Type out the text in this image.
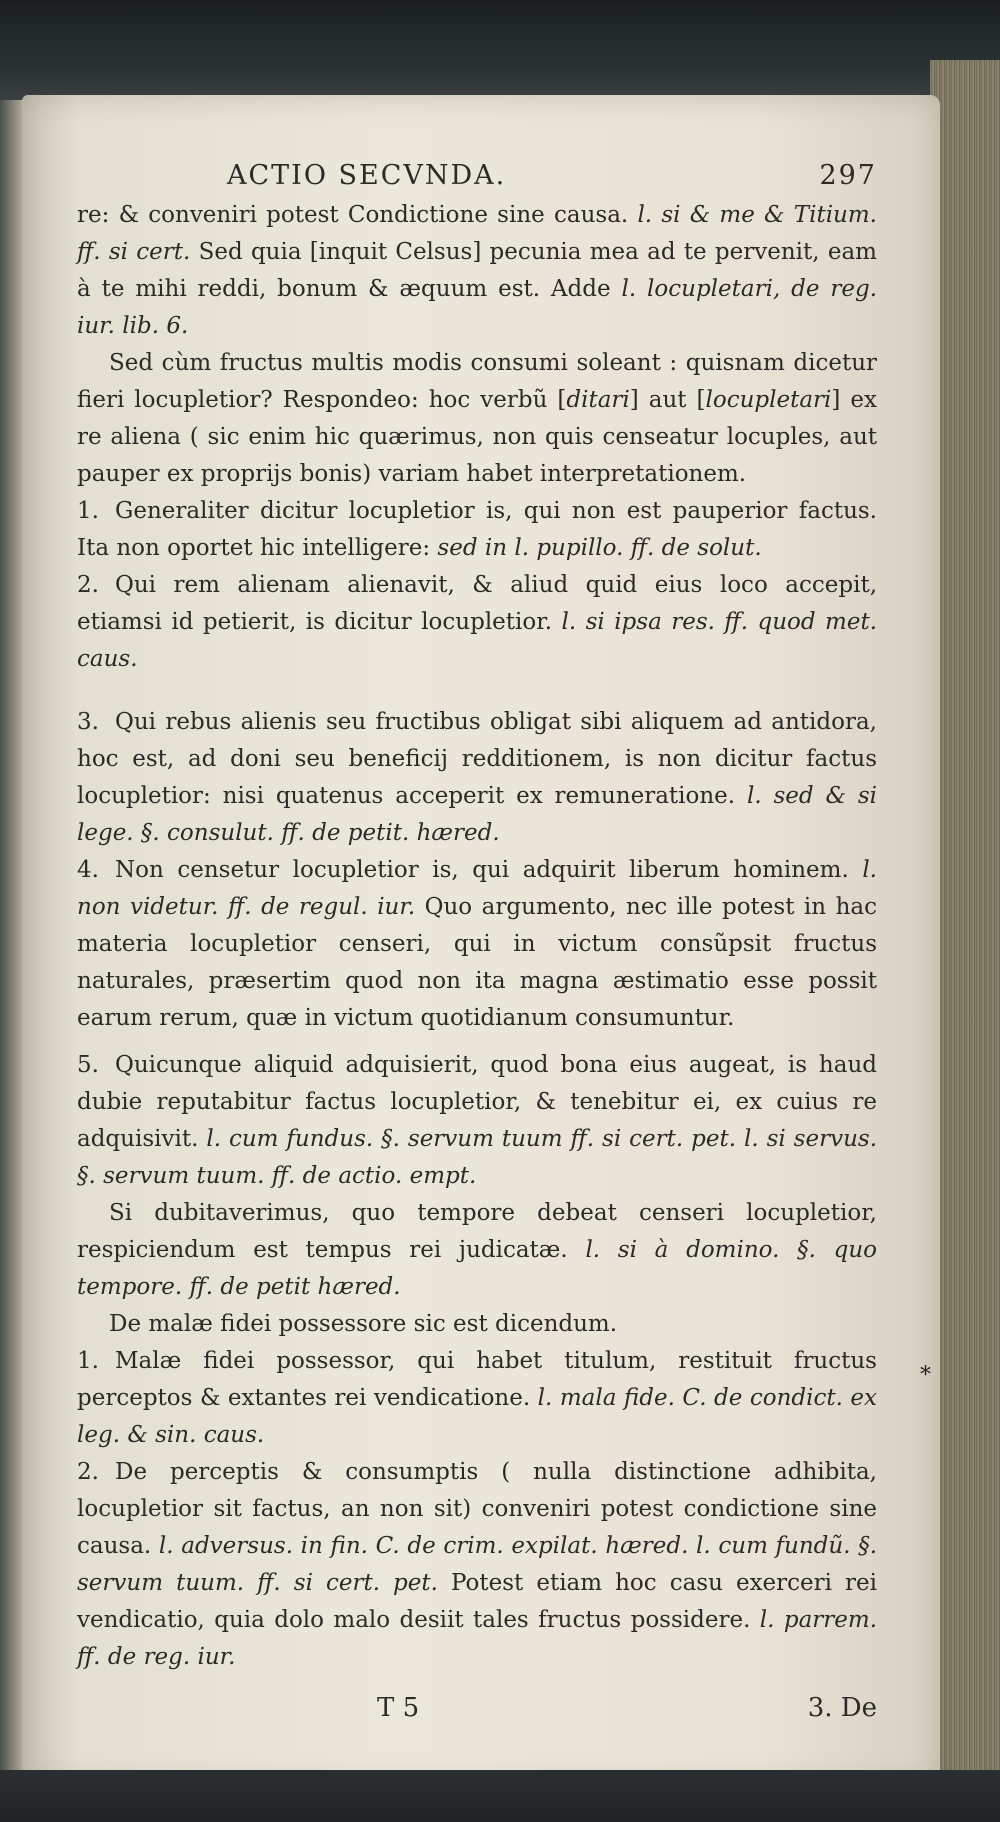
ACTIO SECVNDA.	297

re: & conveniri potest Condictione sine causa. l. si & me & Titium. ff. si cert. Sed quia [inquit Celsus] pecunia mea ad te pervenit, eam à te mihi reddi, bonum & æquum est. Adde l. locupletari, de reg. iur. lib. 6.

Sed cùm fructus multis modis consumi soleant : quisnam dicetur fieri locupletior? Respondeo: hoc verbũ [ditari] aut [locupletari] ex re aliena ( sic enim hic quærimus, non quis censeatur locuples, aut pauper ex proprijs bonis) variam habet interpretationem.

1. Generaliter dicitur locupletior is, qui non est pauperior factus. Ita non oportet hic intelligere: sed in l. pupillo. ff. de solut.

2. Qui rem alienam alienavit, & aliud quid eius loco accepit, etiamsi id petierit, is dicitur locupletior. l. si ipsa res. ff. quod met. caus.

3. Qui rebus alienis seu fructibus obligat sibi aliquem ad antidora, hoc est, ad doni seu beneficij redditionem, is non dicitur factus locupletior: nisi quatenus acceperit ex remuneratione. l. sed & si lege. §. consulut. ff. de petit. hæred.

4. Non censetur locupletior is, qui adquirit liberum hominem. l. non videtur. ff. de regul. iur. Quo argumento, nec ille potest in hac materia locupletior censeri, qui in victum consũpsit fructus naturales, præsertim quod non ita magna æstimatio esse possit earum rerum, quæ in victum quotidianum consumuntur.

5. Quicunque aliquid adquisierit, quod bona eius augeat, is haud dubie reputabitur factus locupletior, & tenebitur ei, ex cuius re adquisivit. l. cum fundus. §. servum tuum ff. si cert. pet. l. si servus. §. servum tuum. ff. de actio. empt.

Si dubitaverimus, quo tempore debeat censeri locupletior, respiciendum est tempus rei judicatæ. l. si à domino. §. quo tempore. ff. de petit hæred.

De malæ fidei possessore sic est dicendum.

1. Malæ fidei possessor, qui habet titulum, restituit fructus perceptos & extantes rei vendicatione. l. mala fide. C. de condict. ex leg. & sin. caus.

2. De perceptis & consumptis ( nulla distinctione adhibita, locupletior sit factus, an non sit) conveniri potest condictione sine causa. l. adversus. in fin. C. de crim. expilat. hæred. l. cum fundũ. §. servum tuum. ff. si cert. pet. Potest etiam hoc casu exerceri rei vendicatio, quia dolo malo desiit tales fructus possidere. l. parrem. ff. de reg. iur.

T 5	3. De
*
